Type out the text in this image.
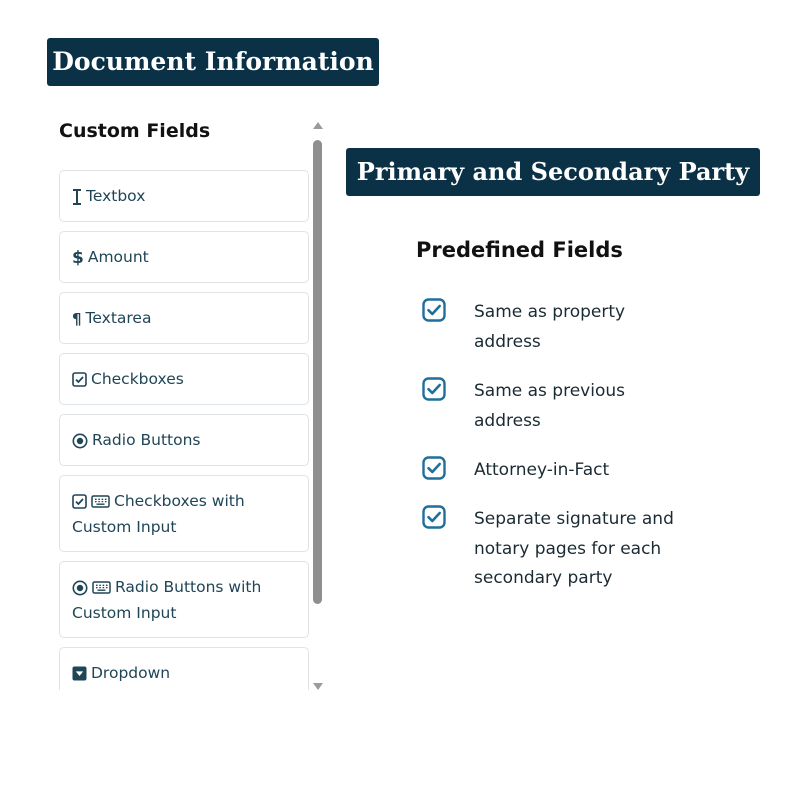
Document Information
Custom Fields
Textbox
$ Amount
¶ Textarea
Checkboxes
Radio Buttons
Checkboxes with Custom Input
Radio Buttons with Custom Input
Dropdown
Primary and Secondary Party
Predefined Fields
Same as property address
Same as previous address
Attorney-in-Fact
Separate signature and notary pages for each secondary party
